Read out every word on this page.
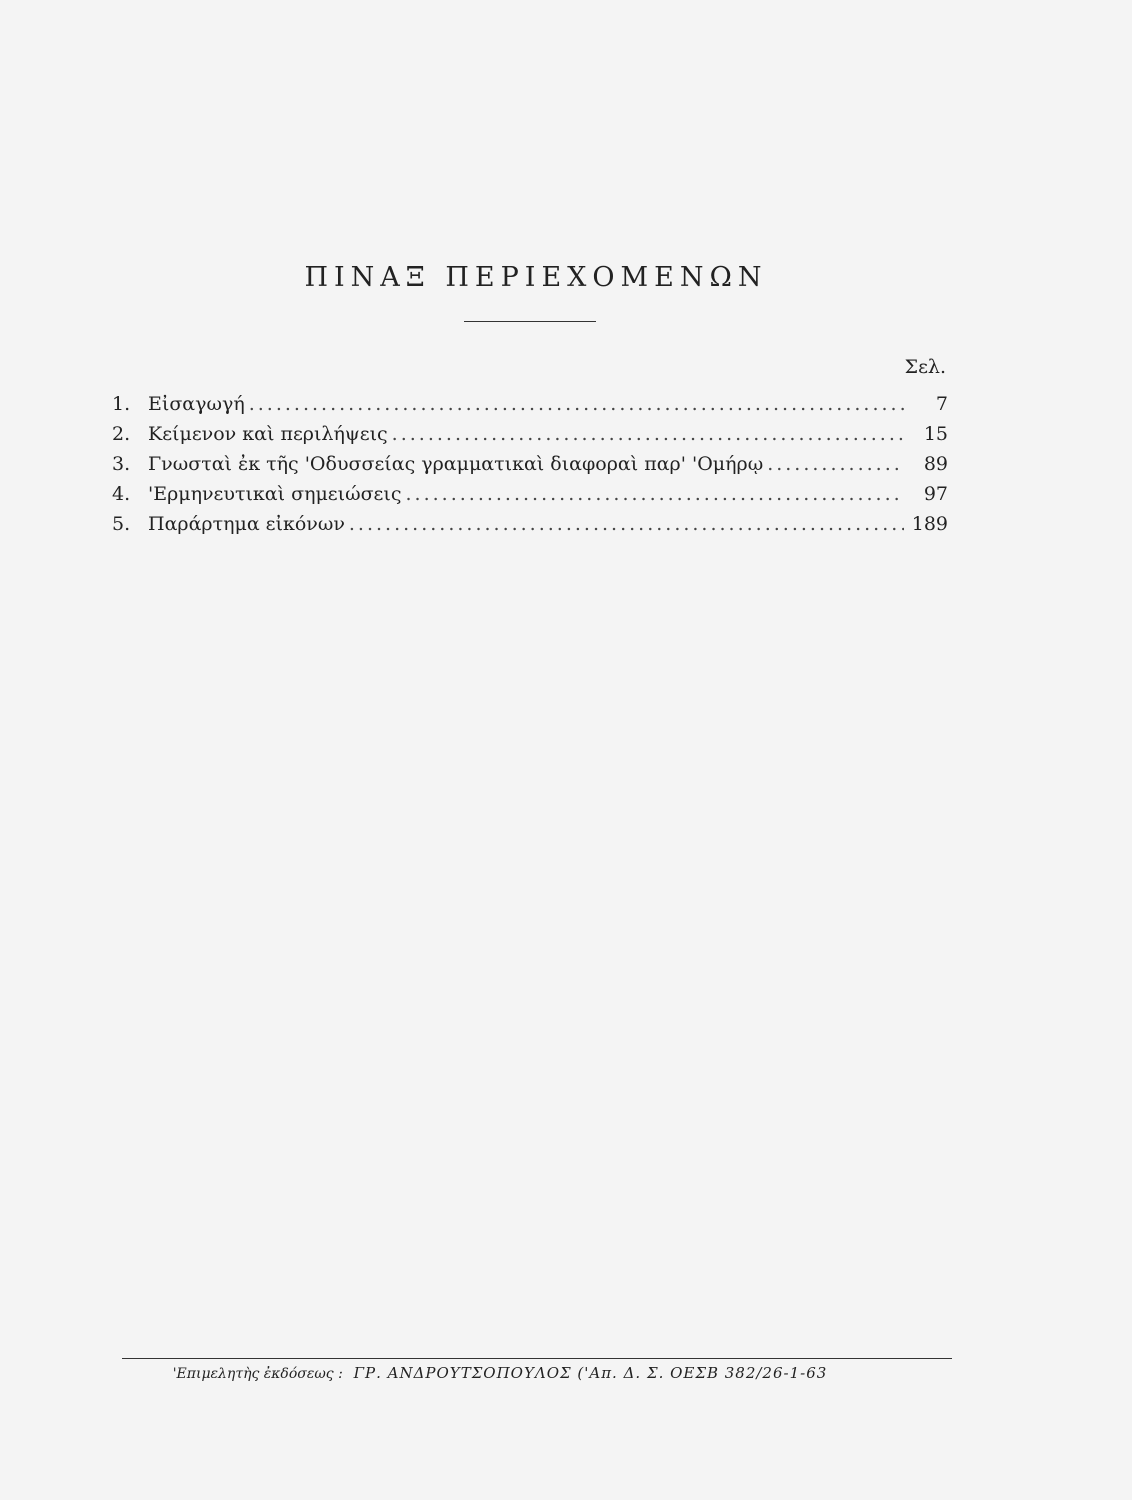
ΠΙΝΑΞ ΠΕΡΙΕΧΟΜΕΝΩΝ
Σελ.
1. Εἰσαγωγή .....	7
2. Κείμενον καὶ περιλήψεις .....	15
3. Γνωσταὶ ἐκ τῆς 'Οδυσσείας γραμματικαὶ διαφοραὶ παρ' 'Ομήρῳ .....	89
4. 'Ερμηνευτικαὶ σημειώσεις .....	97
5. Παράρτημα εἰκόνων .....	189
'Επιμελητὴς ἐκδόσεως : ΓΡ. ΑΝΔΡΟΥΤΣΟΠΟΥΛΟΣ ('Απ. Δ. Σ. ΟΕΣΒ 382/26-1-63
